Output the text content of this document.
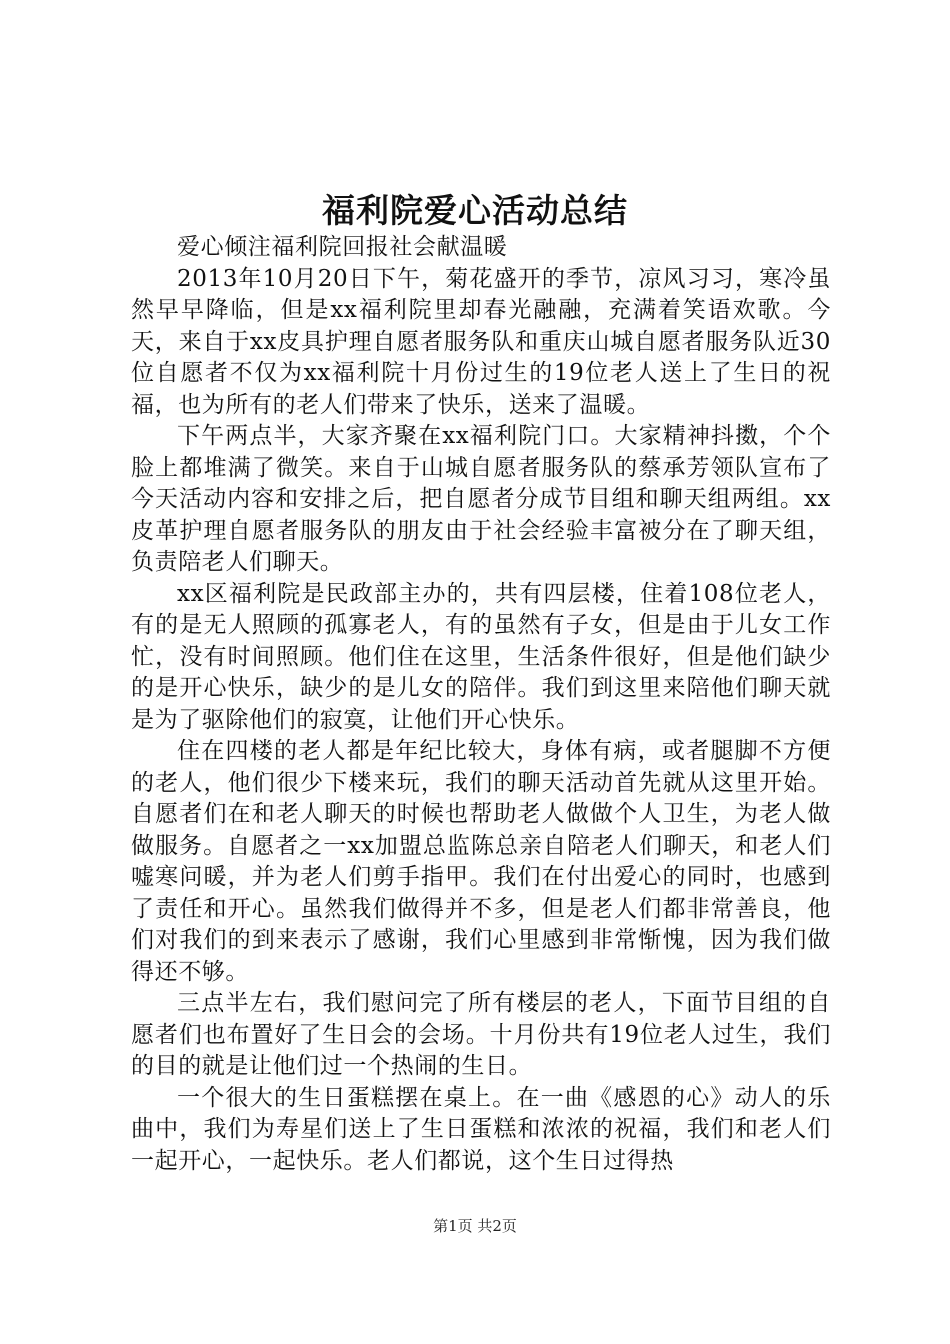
福利院爱心活动总结

爱心倾注福利院回报社会献温暖

2013年10月20日下午，菊花盛开的季节，凉风习习，寒冷虽然早早降临，但是xx福利院里却春光融融，充满着笑语欢歌。今天，来自于xx皮具护理自愿者服务队和重庆山城自愿者服务队近30位自愿者不仅为xx福利院十月份过生的19位老人送上了生日的祝福，也为所有的老人们带来了快乐，送来了温暖。

下午两点半，大家齐聚在xx福利院门口。大家精神抖擞，个个脸上都堆满了微笑。来自于山城自愿者服务队的蔡承芳领队宣布了今天活动内容和安排之后，把自愿者分成节目组和聊天组两组。xx皮革护理自愿者服务队的朋友由于社会经验丰富被分在了聊天组，负责陪老人们聊天。

xx区福利院是民政部主办的，共有四层楼，住着108位老人，有的是无人照顾的孤寡老人，有的虽然有子女，但是由于儿女工作忙，没有时间照顾。他们住在这里，生活条件很好，但是他们缺少的是开心快乐，缺少的是儿女的陪伴。我们到这里来陪他们聊天就是为了驱除他们的寂寞，让他们开心快乐。

住在四楼的老人都是年纪比较大，身体有病，或者腿脚不方便的老人，他们很少下楼来玩，我们的聊天活动首先就从这里开始。自愿者们在和老人聊天的时候也帮助老人做做个人卫生，为老人做做服务。自愿者之一xx加盟总监陈总亲自陪老人们聊天，和老人们嘘寒问暖，并为老人们剪手指甲。我们在付出爱心的同时，也感到了责任和开心。虽然我们做得并不多，但是老人们都非常善良，他们对我们的到来表示了感谢，我们心里感到非常惭愧，因为我们做得还不够。

三点半左右，我们慰问完了所有楼层的老人，下面节目组的自愿者们也布置好了生日会的会场。十月份共有19位老人过生，我们的目的就是让他们过一个热闹的生日。

一个很大的生日蛋糕摆在桌上。在一曲《感恩的心》动人的乐曲中，我们为寿星们送上了生日蛋糕和浓浓的祝福，我们和老人们一起开心，一起快乐。老人们都说，这个生日过得热

第1页 共2页
